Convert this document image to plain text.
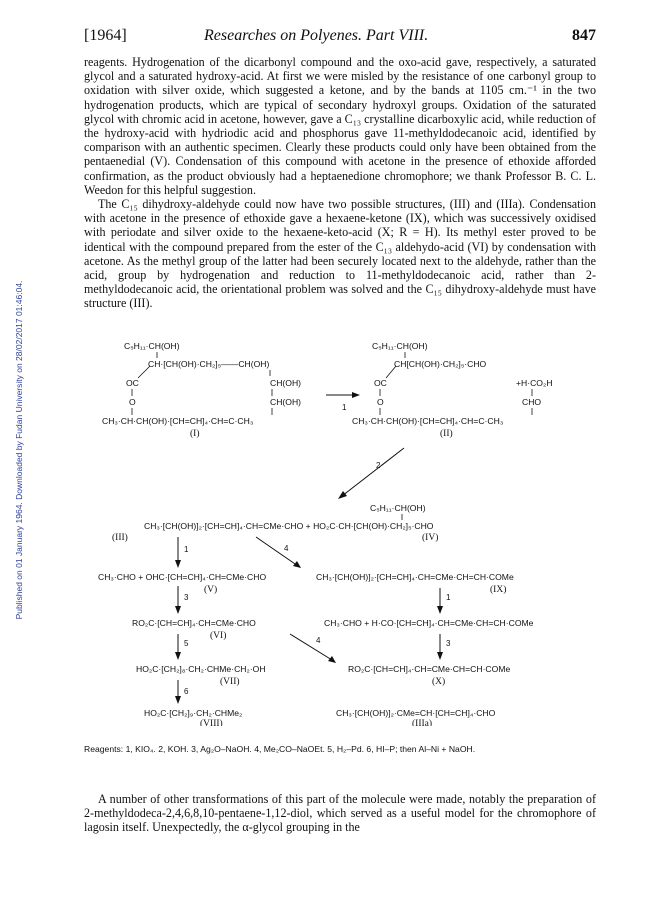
Published on 01 January 1964. Downloaded by Fudan University on 28/02/2017 01:46:04.
[1964]	Researches on Polyenes. Part VIII.	847

reagents. Hydrogenation of the dicarbonyl compound and the oxo-acid gave, respectively, a saturated glycol and a saturated hydroxy-acid. At first we were misled by the resistance of one carbonyl group to oxidation with silver oxide, which suggested a ketone, and by the bands at 1105 cm.⁻¹ in the two hydrogenation products, which are typical of secondary hydroxyl groups. Oxidation of the saturated glycol with chromic acid in acetone, however, gave a C₁₃ crystalline dicarboxylic acid, while reduction of the hydroxy-acid with hydriodic acid and phosphorus gave 11-methyldodecanoic acid, identified by comparison with an authentic specimen. Clearly these products could only have been obtained from the pentaenedial (V). Condensation of this compound with acetone in the presence of ethoxide afforded confirmation, as the product obviously had a heptaenedione chromophore; we thank Professor B. C. L. Weedon for this helpful suggestion.

The C₁₅ dihydroxy-aldehyde could now have two possible structures, (III) and (IIIa). Condensation with acetone in the presence of ethoxide gave a hexaene-ketone (IX), which was successively oxidised with periodate and silver oxide to the hexaene-keto-acid (X; R = H). Its methyl ester proved to be identical with the compound prepared from the ester of the C₁₃ aldehydo-acid (VI) by condensation with acetone. As the methyl group of the latter had been securely located next to the aldehyde, rather than the acid, group by hydrogenation and reduction to 11-methyldodecanoic acid, rather than 2-methyldodecanoic acid, the orientational problem was solved and the C₁₅ dihydroxy-aldehyde must have structure (III).

C₅H₁₁·CH(OH)
CH·[CH(OH)·CH₂]₅——CH(OH)
OC	CH(OH)
O	CH(OH)
CH₃·CH·CH(OH)·[CH=CH]₄·CH=C·CH₃
(I)
1
C₅H₁₁·CH(OH)
CH[CH(OH)·CH₂]₅·CHO
OC	+H·CO₂H
O	CHO
CH₃·CH·CH(OH)·[CH=CH]₄·CH=C·CH₃
(II)
2
C₅H₁₁·CH(OH)
CH₃·[CH(OH)]₂·[CH=CH]₄·CH=CMe·CHO + HO₂C·CH·[CH(OH)·CH₂]₅·CHO
(III)	(IV)
1	4
CH₃·CHO + OHC·[CH=CH]₄·CH=CMe·CHO
(V)
CH₃·[CH(OH)]₂·[CH=CH]₄·CH=CMe·CH=CH·COMe
(IX)
3	1
RO₂C·[CH=CH]₄·CH=CMe·CHO
(VI)
CH₃·CHO + H·CO·[CH=CH]₄·CH=CMe·CH=CH·COMe
5	4	3
HO₂C·[CH₂]₈·CH₂·CHMe·CH₂·OH
(VII)
RO₂C·[CH=CH]₄·CH=CMe·CH=CH·COMe
(X)
6
HO₂C·[CH₂]₉·CH₂·CHMe₂
(VIII)
CH₃·[CH(OH)]₂·CMe=CH·[CH=CH]₄·CHO
(IIIa)
Reagents: 1, KIO₄. 2, KOH. 3, Ag₂O–NaOH. 4, Me₂CO–NaOEt. 5, H₂–Pd. 6, HI–P; then Al–Ni + NaOH.

A number of other transformations of this part of the molecule were made, notably the preparation of 2-methyldodeca-2,4,6,8,10-pentaene-1,12-diol, which served as a useful model for the chromophore of lagosin itself. Unexpectedly, the α-glycol grouping in the
